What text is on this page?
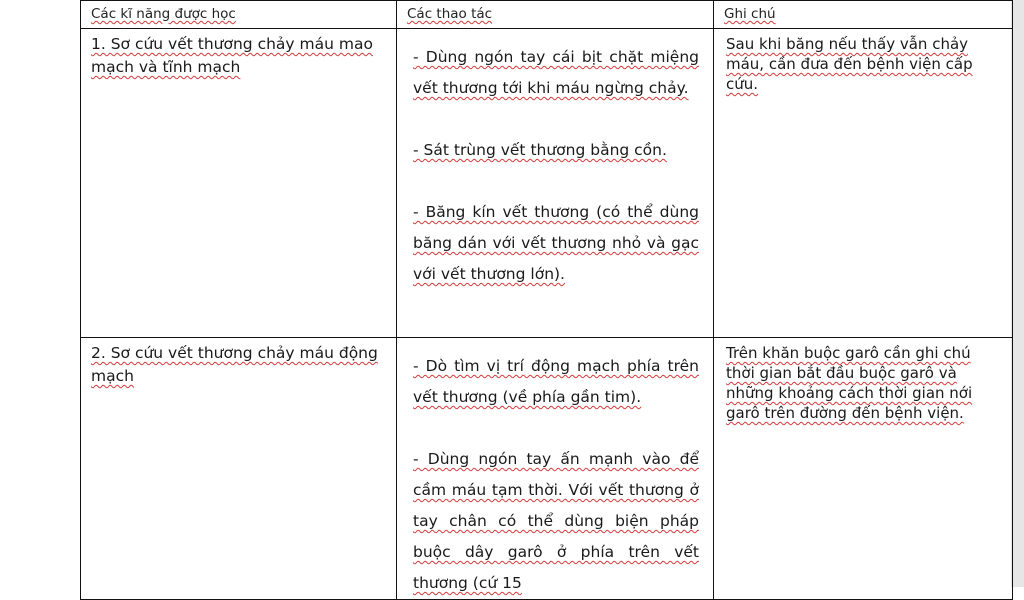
Các kĩ năng được học	Các thao tác	Ghi chú

1. Sơ cứu vết thương chảy máu mao mạch và tĩnh mạch	- Dùng ngón tay cái bịt chặt miệng vết thương tới khi máu ngừng chảy.

- Sát trùng vết thương bằng cồn.

- Băng kín vết thương (có thể dùng băng dán với vết thương nhỏ và gạc với vết thương lớn).	Sau khi băng nếu thấy vẫn chảy máu, cần đưa đến bệnh viện cấp cứu.

2. Sơ cứu vết thương chảy máu động mạch	- Dò tìm vị trí động mạch phía trên vết thương (về phía gần tim).

- Dùng ngón tay ấn mạnh vào để cầm máu tạm thời. Với vết thương ở tay chân có thể dùng biện pháp buộc dây garô ở phía trên vết thương (cứ 15	Trên khăn buộc garô cần ghi chú thời gian bắt đầu buộc garô và những khoảng cách thời gian nới garô trên đường đến bệnh viện.
